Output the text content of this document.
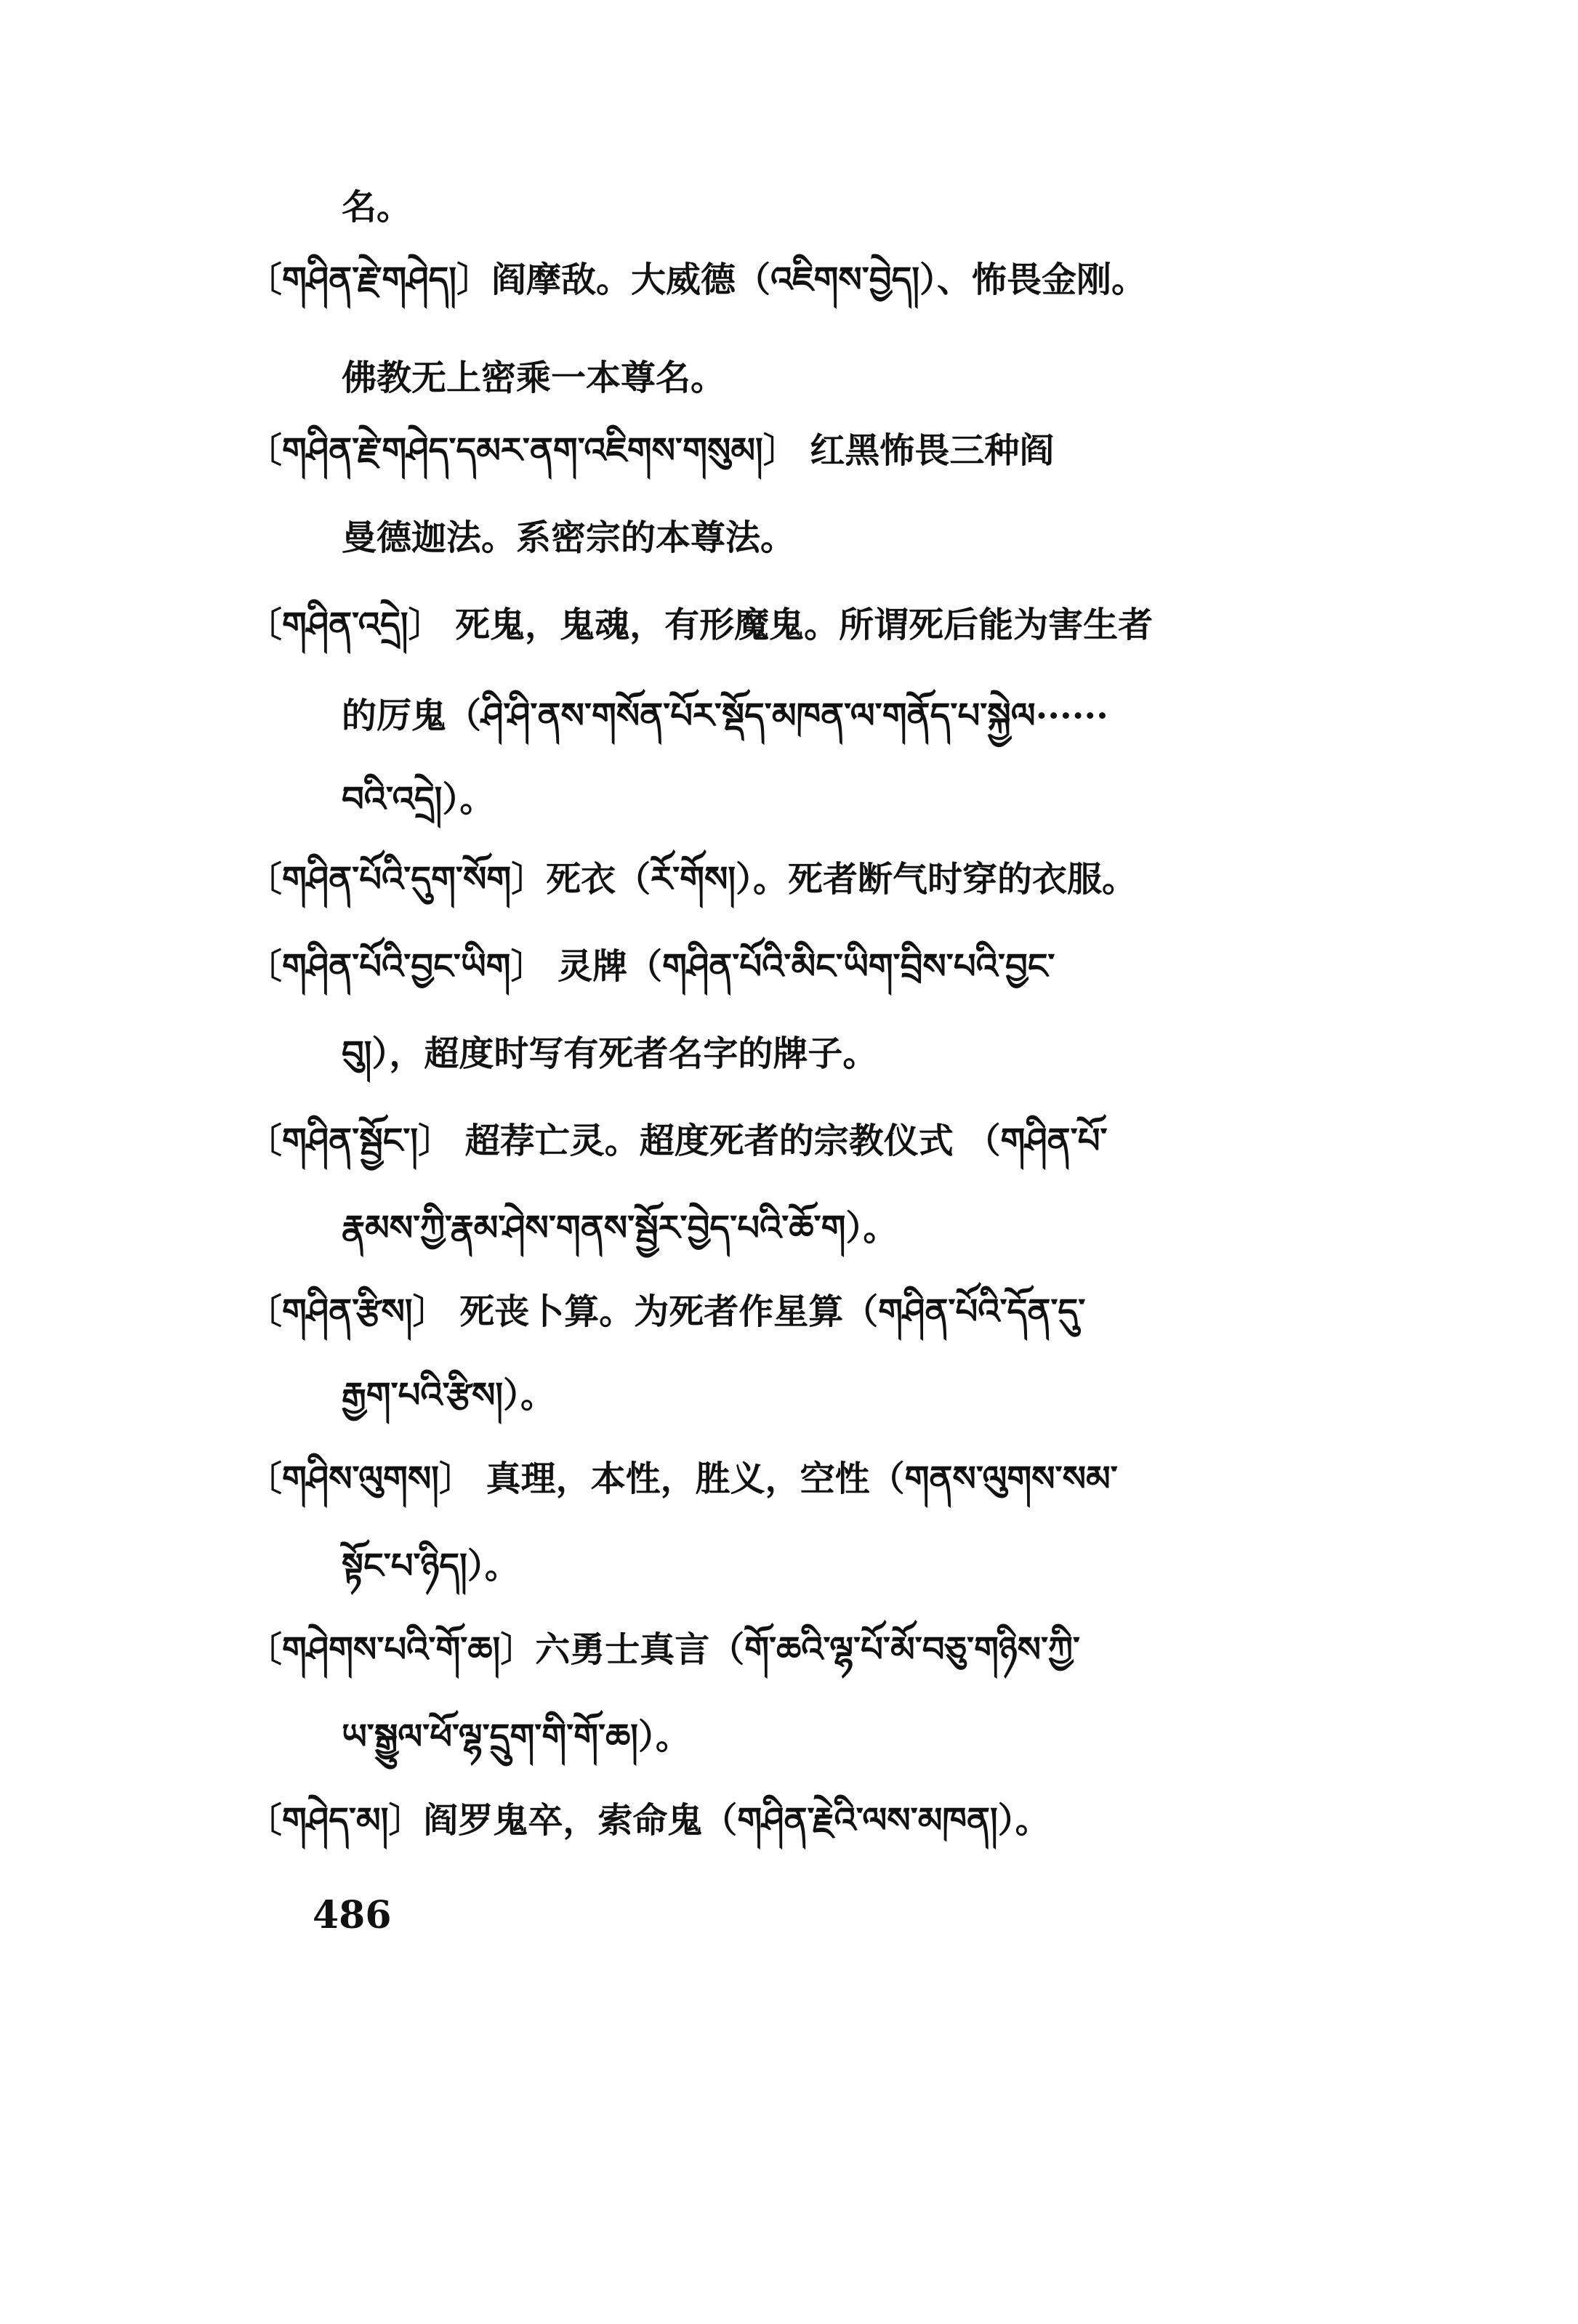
名。
〔གཤིན་རྗེ་གཤེད།〕阎摩敌。大威德（འཇིགས་བྱེད།）、怖畏金刚。
佛教无上密乘一本尊名。
〔གཤིན་རྗེ་གཤེད་དམར་ནག་འཇིགས་གསུམ།〕 红黑怖畏三种阎
曼德迦法。系密宗的本尊法。
〔གཤིན་འདྲེ།〕 死鬼，鬼魂，有形魔鬼。所谓死后能为害生者
的厉鬼（ཤི་ཤི་ནས་གསོན་པོར་སྡོད་མཁན་ལ་གནོད་པ་སྐྱེལ······
བའི་འདྲེ།）。
〔གཤིན་པོའི་དུག་སོག〕死衣（རོ་གོས།）。死者断气时穿的衣服。
〔གཤིན་པོའི་བྱང་ཡིག〕 灵牌（གཤིན་པོའི་མིང་ཡིག་བྲིས་པའི་བྱང་
བུ།），超度时写有死者名字的牌子。
〔གཤིན་སྦྱོང་།〕 超荐亡灵。超度死者的宗教仪式 （གཤིན་པོ་
རྣམས་ཀྱི་རྣམ་ཤེས་གནས་སྦྱོར་བྱེད་པའི་ཆོ་ག）。
〔གཤིན་རྩིས།〕 死丧卜算。为死者作星算（གཤིན་པོའི་དོན་དུ་
རྒྱག་པའི་རྩིས།）。
〔གཤིས་ལུགས།〕 真理，本性，胜义，空性（གནས་ལུགས་སམ་
སྟོང་པ་ཉིད།）。
〔གཤེགས་པའི་གོ་ཆ།〕六勇士真言（གོ་ཆའི་ལྷ་པོ་མོ་བཅུ་གཉིས་ཀྱི་
ཡ་སྒྱུལ་ཕོ་ལྷ་དྲུག་གི་གོ་ཆ།）。
〔གཤེད་མ།〕阎罗鬼卒，索命鬼（གཤིན་རྗེའི་ལས་མཁན།）。
486
